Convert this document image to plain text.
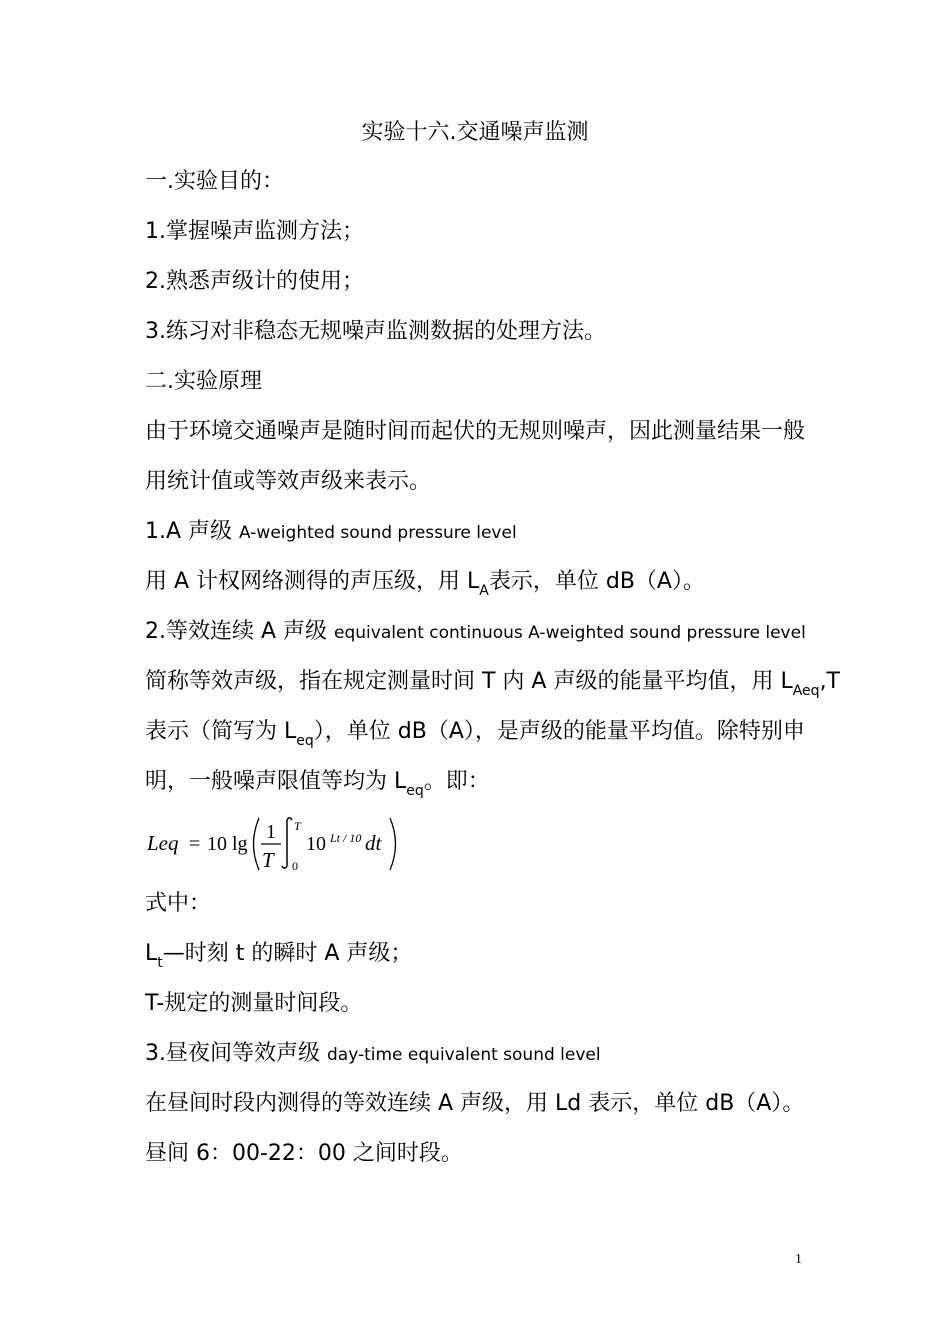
实验十六.交通噪声监测
一.实验目的：
1.掌握噪声监测方法；
2.熟悉声级计的使用；
3.练习对非稳态无规噪声监测数据的处理方法。
二.实验原理
由于环境交通噪声是随时间而起伏的无规则噪声，因此测量结果一般
用统计值或等效声级来表示。
1.A 声级 A-weighted sound pressure level
用 A 计权网络测得的声压级，用 $L_A$表示，单位 dB（A）。
2.等效连续 A 声级 equivalent continuous A-weighted sound pressure level
简称等效声级，指在规定测量时间 T 内 A 声级的能量平均值，用 $L_{Aeq},T$
表示（简写为 $L_{eq}$），单位 dB（A），是声级的能量平均值。除特别申
明，一般噪声限值等均为 $L_{eq}$。即：
Leq = 10 lg
1
T
T
0
10 Lt / 10 dt
式中：
$L_t—$时刻 t 的瞬时 A 声级；
T-规定的测量时间段。
3.昼夜间等效声级 day-time equivalent sound level
在昼间时段内测得的等效连续 A 声级，用 Ld 表示，单位 dB（A）。
昼间 6：00-22：00 之间时段。
1
